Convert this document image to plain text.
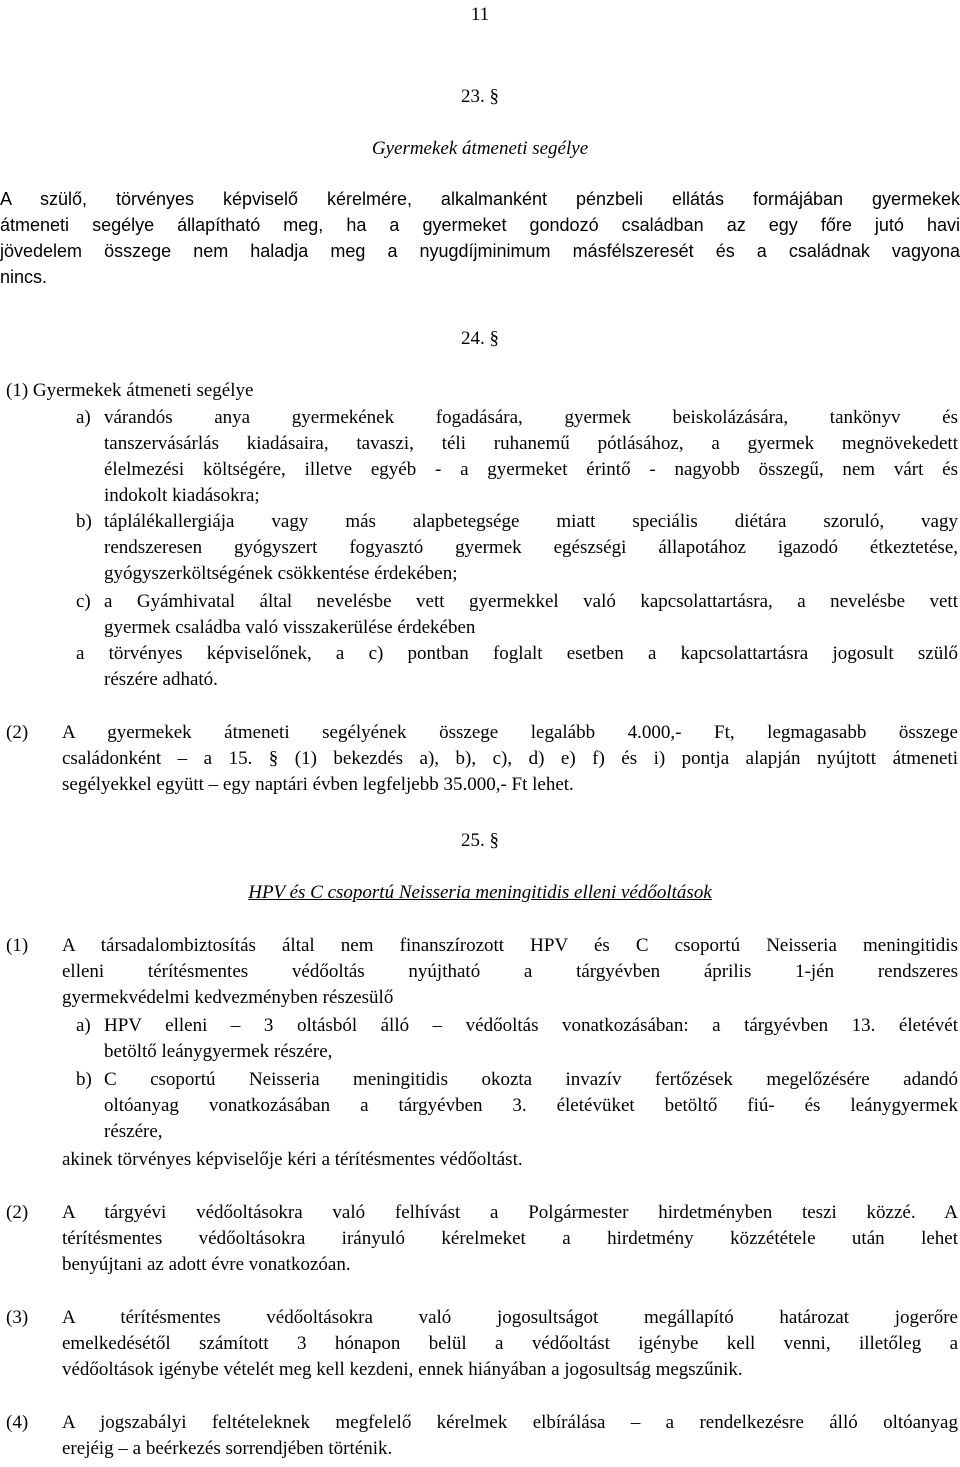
11
23. §
Gyermekek átmeneti segélye
A szülő, törvényes képviselő kérelmére, alkalmanként pénzbeli ellátás formájában gyermekek
átmeneti segélye állapítható meg, ha a gyermeket gondozó családban az egy főre jutó havi
jövedelem összege nem haladja meg a nyugdíjminimum másfélszeresét és a családnak vagyona
nincs.
24. §
(1) Gyermekek átmeneti segélye
a) várandós anya gyermekének fogadására, gyermek beiskolázására, tankönyv és
tanszervásárlás kiadásaira, tavaszi, téli ruhanemű pótlásához, a gyermek megnövekedett
élelmezési költségére, illetve egyéb - a gyermeket érintő - nagyobb összegű, nem várt és
indokolt kiadásokra;
b) táplálékallergiája vagy más alapbetegsége miatt speciális diétára szoruló, vagy
rendszeresen gyógyszert fogyasztó gyermek egészségi állapotához igazodó étkeztetése,
gyógyszerköltségének csökkentése érdekében;
c) a Gyámhivatal által nevelésbe vett gyermekkel való kapcsolattartásra, a nevelésbe vett
gyermek családba való visszakerülése érdekében
a törvényes képviselőnek, a c) pontban foglalt esetben a kapcsolattartásra jogosult szülő
részére adható.
(2) A gyermekek átmeneti segélyének összege legalább 4.000,- Ft, legmagasabb összege
családonként – a 15. § (1) bekezdés a), b), c), d) e) f) és i) pontja alapján nyújtott átmeneti
segélyekkel együtt – egy naptári évben legfeljebb 35.000,- Ft lehet.
25. §
HPV és C csoportú Neisseria meningitidis elleni védőoltások
(1) A társadalombiztosítás által nem finanszírozott HPV és C csoportú Neisseria meningitidis
elleni térítésmentes védőoltás nyújtható a tárgyévben április 1-jén rendszeres
gyermekvédelmi kedvezményben részesülő
a) HPV elleni – 3 oltásból álló – védőoltás vonatkozásában: a tárgyévben 13. életévét
betöltő leánygyermek részére,
b) C csoportú Neisseria meningitidis okozta invazív fertőzések megelőzésére adandó
oltóanyag vonatkozásában a tárgyévben 3. életévüket betöltő fiú- és leánygyermek
részére,
akinek törvényes képviselője kéri a térítésmentes védőoltást.
(2) A tárgyévi védőoltásokra való felhívást a Polgármester hirdetményben teszi közzé. A
térítésmentes védőoltásokra irányuló kérelmeket a hirdetmény közzététele után lehet
benyújtani az adott évre vonatkozóan.
(3) A térítésmentes védőoltásokra való jogosultságot megállapító határozat jogerőre
emelkedésétől számított 3 hónapon belül a védőoltást igénybe kell venni, illetőleg a
védőoltások igénybe vételét meg kell kezdeni, ennek hiányában a jogosultság megszűnik.
(4) A jogszabályi feltételeknek megfelelő kérelmek elbírálása – a rendelkezésre álló oltóanyag
erejéig – a beérkezés sorrendjében történik.
